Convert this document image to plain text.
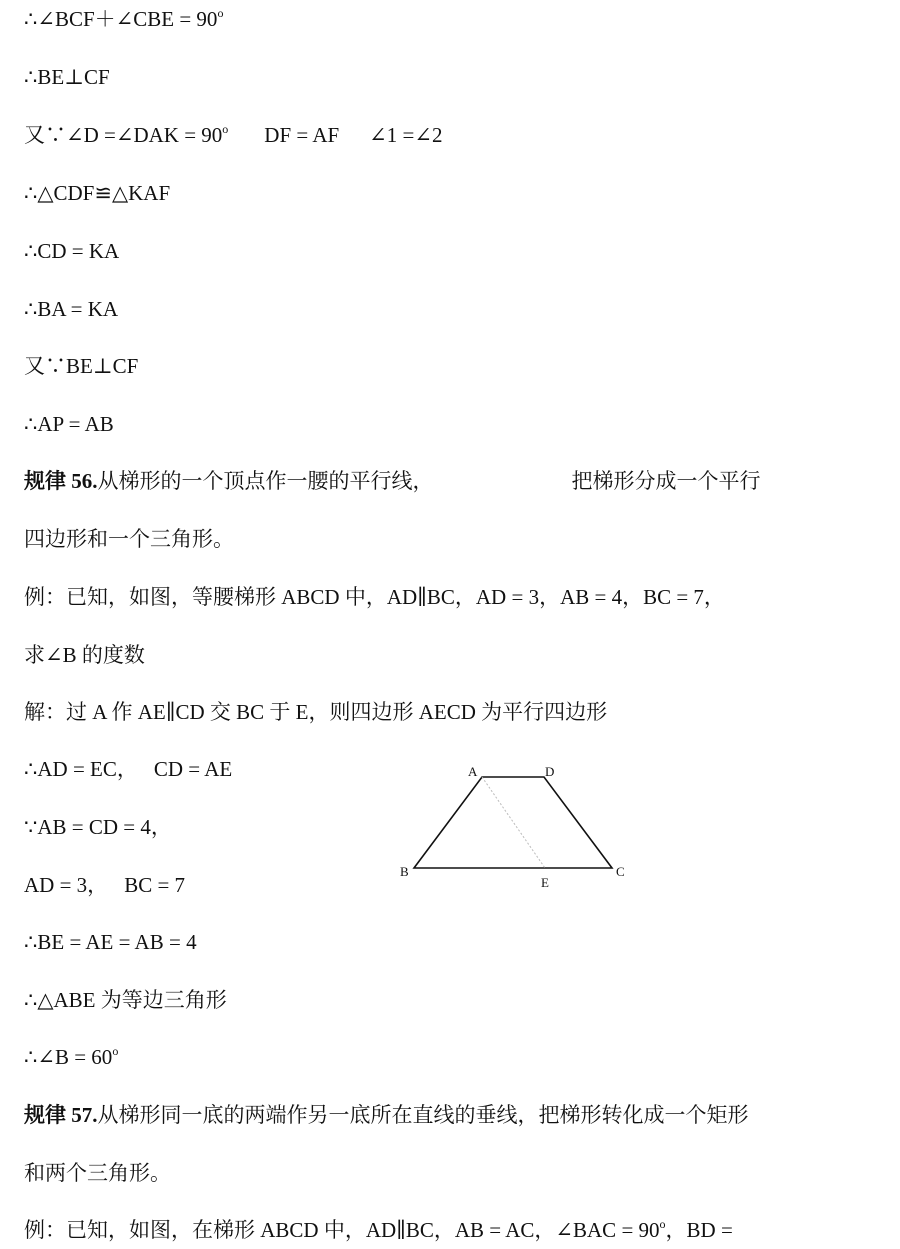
∴∠BCF＋∠CBE = $90^o$
∴BE⊥CF
又∵∠D =∠DAK = $90^o$ DF = AF ∠1 =∠2
∴△CDF≌△KAF
∴CD = KA
∴BA = KA
又∵BE⊥CF
∴AP = AB
规律 56.从梯形的一个顶点作一腰的平行线，	把梯形分成一个平行
四边形和一个三角形。
例：已知，如图，等腰梯形 ABCD 中，AD∥BC，AD = 3，AB = 4，BC = 7，
求∠B 的度数
解：过 A 作 AE∥CD 交 BC 于 E，则四边形 AECD 为平行四边形
∴AD = EC， CD = AE
∵AB = CD = 4，
AD = 3， BC = 7
∴BE = AE = AB = 4
∴△ABE 为等边三角形
∴∠B = $60^o$
规律 57.从梯形同一底的两端作另一底所在直线的垂线，把梯形转化成一个矩形
和两个三角形。
例：已知，如图，在梯形 ABCD 中，AD∥BC，AB = AC，∠BAC = $90^o$，BD =
A	D
B	C
E
